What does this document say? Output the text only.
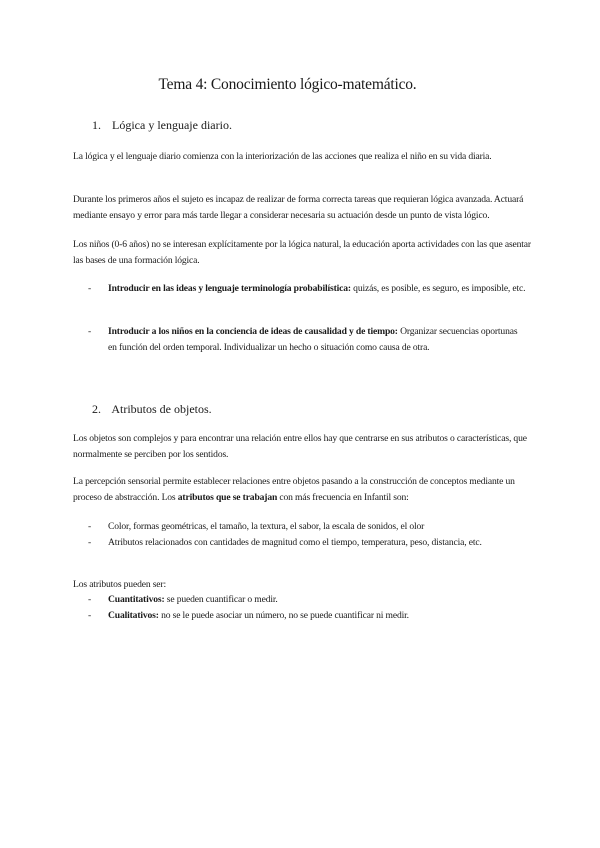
Tema 4: Conocimiento lógico-matemático.
1. Lógica y lenguaje diario.
La lógica y el lenguaje diario comienza con la interiorización de las acciones que realiza el niño en su vida diaria.
Durante los primeros años el sujeto es incapaz de realizar de forma correcta tareas que requieran lógica avanzada. Actuará mediante ensayo y error para más tarde llegar a considerar necesaria su actuación desde un punto de vista lógico.
Los niños (0-6 años) no se interesan explícitamente por la lógica natural, la educación aporta actividades con las que asentar las bases de una formación lógica.
- Introducir en las ideas y lenguaje terminología probabilística: quizás, es posible, es seguro, es imposible, etc.
- Introducir a los niños en la conciencia de ideas de causalidad y de tiempo: Organizar secuencias oportunas en función del orden temporal. Individualizar un hecho o situación como causa de otra.
2. Atributos de objetos.
Los objetos son complejos y para encontrar una relación entre ellos hay que centrarse en sus atributos o características, que normalmente se perciben por los sentidos.
La percepción sensorial permite establecer relaciones entre objetos pasando a la construcción de conceptos mediante un proceso de abstracción. Los atributos que se trabajan con más frecuencia en Infantil son:
- Color, formas geométricas, el tamaño, la textura, el sabor, la escala de sonidos, el olor
- Atributos relacionados con cantidades de magnitud como el tiempo, temperatura, peso, distancia, etc.
Los atributos pueden ser:
- Cuantitativos: se pueden cuantificar o medir.
- Cualitativos: no se le puede asociar un número, no se puede cuantificar ni medir.
